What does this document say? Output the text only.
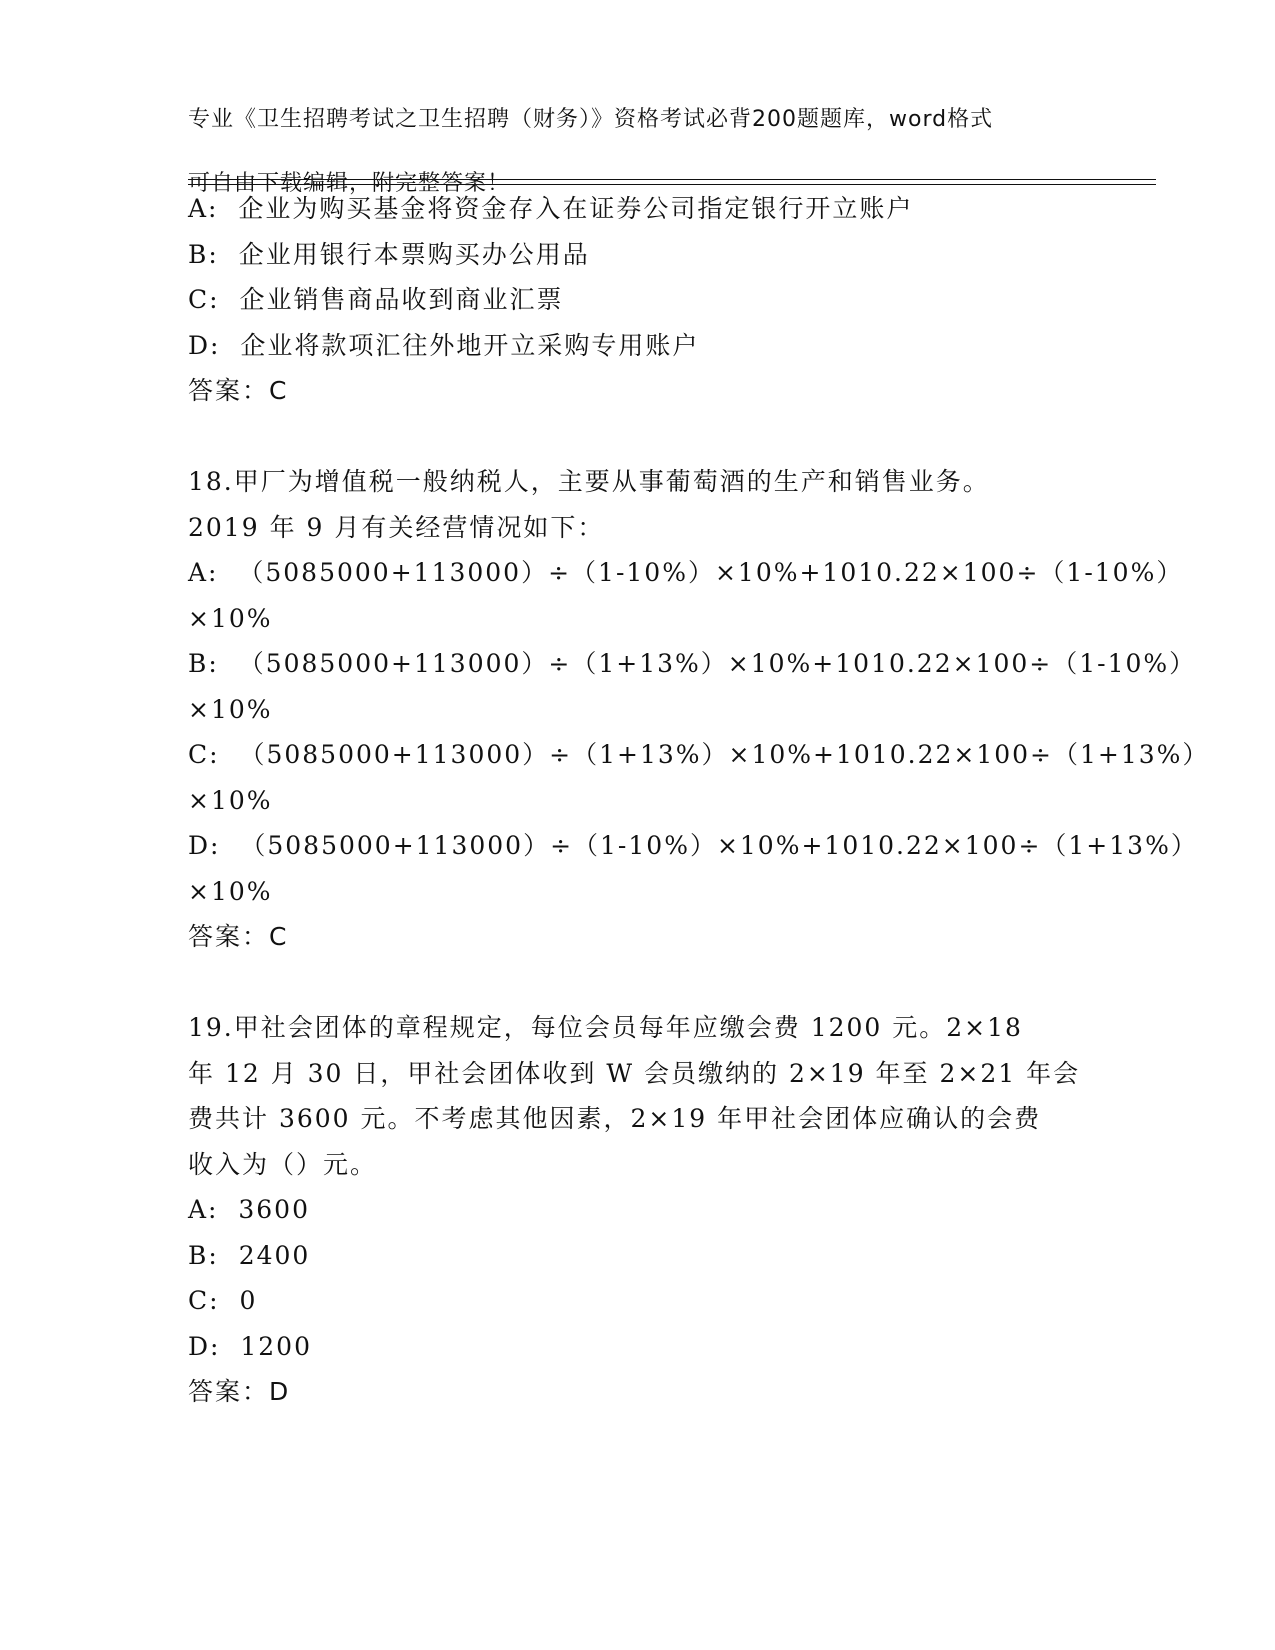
专业《卫生招聘考试之卫生招聘（财务）》资格考试必背200题题库，word格式

可自由下载编辑，附完整答案！

A:  企业为购买基金将资金存入在证券公司指定银行开立账户
B:  企业用银行本票购买办公用品
C:  企业销售商品收到商业汇票
D:  企业将款项汇往外地开立采购专用账户
答案：C
18.甲厂为增值税一般纳税人，主要从事葡萄酒的生产和销售业务。
2019 年 9 月有关经营情况如下：
A:  （5085000+113000）÷（1-10%）×10%+1010.22×100÷（1-10%）
×10%
B:  （5085000+113000）÷（1+13%）×10%+1010.22×100÷（1-10%）
×10%
C:  （5085000+113000）÷（1+13%）×10%+1010.22×100÷（1+13%）
×10%
D:  （5085000+113000）÷（1-10%）×10%+1010.22×100÷（1+13%）
×10%
答案：C
19.甲社会团体的章程规定，每位会员每年应缴会费 1200 元。2×18
年 12 月 30 日，甲社会团体收到 W 会员缴纳的 2×19 年至 2×21 年会
费共计 3600 元。不考虑其他因素，2×19 年甲社会团体应确认的会费
收入为（）元。
A:  3600
B:  2400
C:  0
D:  1200
答案：D
